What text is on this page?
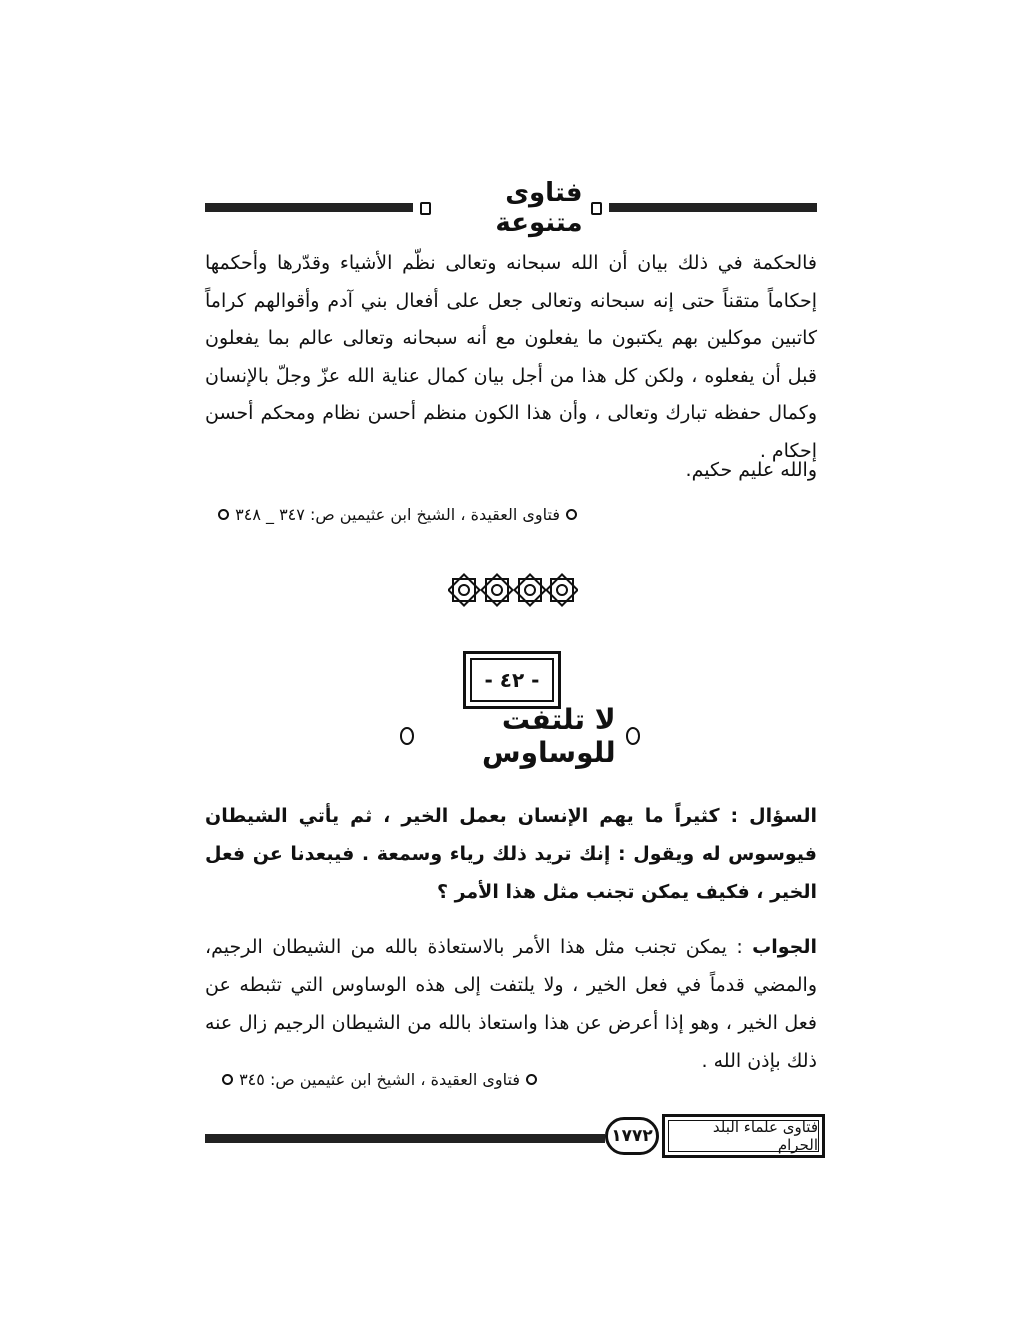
فتاوى متنوعة
فالحكمة في ذلك بيان أن الله سبحانه وتعالى نظّم الأشياء وقدّرها وأحكمها إحكاماً متقناً حتى إنه سبحانه وتعالى جعل على أفعال بني آدم وأقوالهم كراماً كاتبين موكلين بهم يكتبون ما يفعلون مع أنه سبحانه وتعالى عالم بما يفعلون قبل أن يفعلوه ، ولكن كل هذا من أجل بيان كمال عناية الله عزّ وجلّ بالإنسان وكمال حفظه تبارك وتعالى ، وأن هذا الكون منظم أحسن نظام ومحكم أحسن إحكام .
والله عليم حكيم.
فتاوى العقيدة ، الشيخ ابن عثيمين ص: ٣٤٧ _ ٣٤٨
- ٤٢ -
لا تلتفت للوساوس
السؤال : كثيراً ما يهم الإنسان بعمل الخير ، ثم يأتي الشيطان فيوسوس له ويقول : إنك تريد ذلك رياء وسمعة . فيبعدنا عن فعل الخير ، فكيف يمكن تجنب مثل هذا الأمر ؟
الجواب : يمكن تجنب مثل هذا الأمر بالاستعاذة بالله من الشيطان الرجيم، والمضي قدماً في فعل الخير ، ولا يلتفت إلى هذه الوساوس التي تثبطه عن فعل الخير ، وهو إذا أعرض عن هذا واستعاذ بالله من الشيطان الرجيم زال عنه ذلك بإذن الله .
فتاوى العقيدة ، الشيخ ابن عثيمين ص: ٣٤٥
١٧٧٢	فتاوى علماء البلد الحرام
